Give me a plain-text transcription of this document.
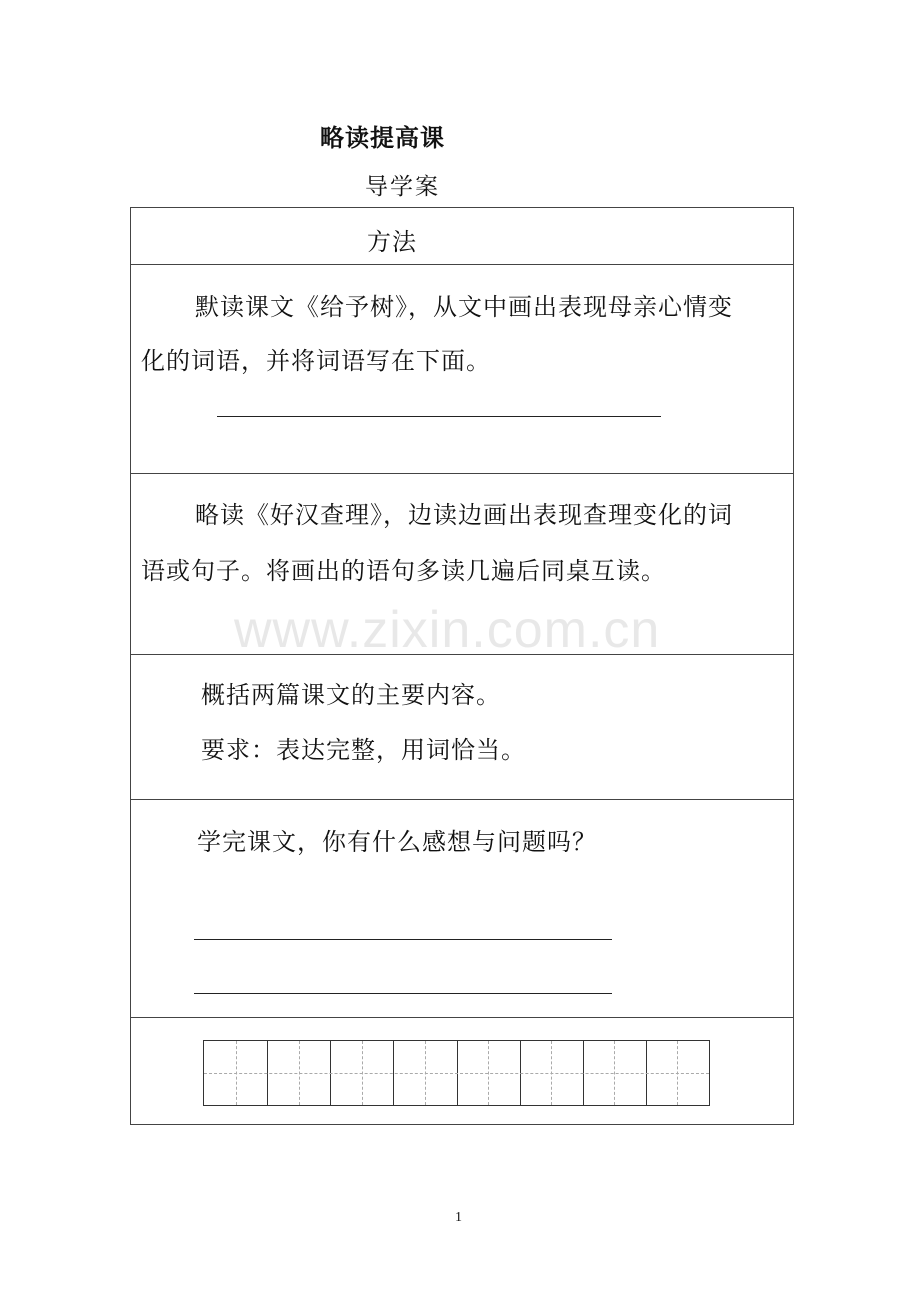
略读提高课
导学案
方法
默读课文《给予树》，从文中画出表现母亲心情变
化的词语，并将词语写在下面。
略读《好汉查理》，边读边画出表现查理变化的词
语或句子。将画出的语句多读几遍后同桌互读。
概括两篇课文的主要内容。
要求：表达完整，用词恰当。
学完课文，你有什么感想与问题吗？
www.zixin.com.cn
1
